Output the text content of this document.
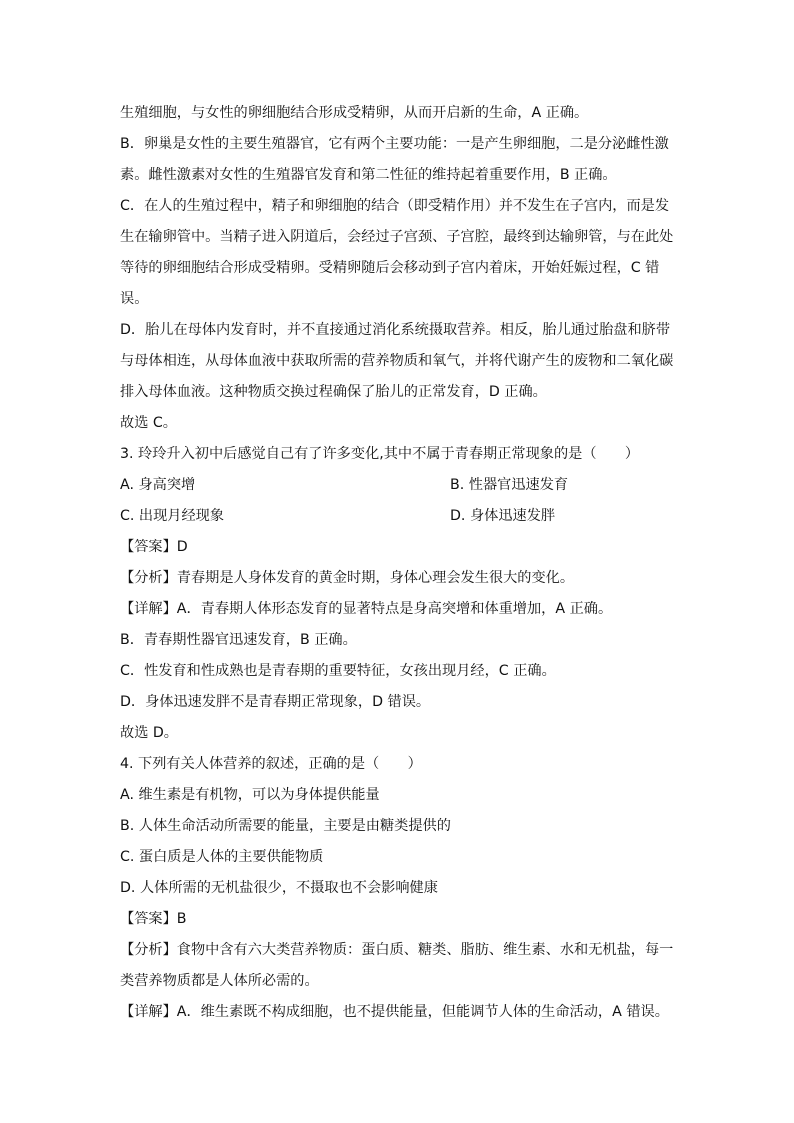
生殖细胞，与女性的卵细胞结合形成受精卵，从而开启新的生命，A 正确。

B．卵巢是女性的主要生殖器官，它有两个主要功能：一是产生卵细胞，二是分泌雌性激素。雌性激素对女性的生殖器官发育和第二性征的维持起着重要作用，B 正确。

C．在人的生殖过程中，精子和卵细胞的结合（即受精作用）并不发生在子宫内，而是发生在输卵管中。当精子进入阴道后，会经过子宫颈、子宫腔，最终到达输卵管，与在此处等待的卵细胞结合形成受精卵。受精卵随后会移动到子宫内着床，开始妊娠过程，C 错误。

D．胎儿在母体内发育时，并不直接通过消化系统摄取营养。相反，胎儿通过胎盘和脐带与母体相连，从母体血液中获取所需的营养物质和氧气，并将代谢产生的废物和二氧化碳排入母体血液。这种物质交换过程确保了胎儿的正常发育，D 正确。

故选 C。

3. 玲玲升入初中后感觉自己有了许多变化,其中不属于青春期正常现象的是（　　）

A. 身高突增	B. 性器官迅速发育
C. 出现月经现象	D. 身体迅速发胖

【答案】D

【分析】青春期是人身体发育的黄金时期，身体心理会发生很大的变化。

【详解】A．青春期人体形态发育的显著特点是身高突增和体重增加，A 正确。

B．青春期性器官迅速发育，B 正确。

C．性发育和性成熟也是青春期的重要特征，女孩出现月经，C 正确。

D．身体迅速发胖不是青春期正常现象，D 错误。

故选 D。

4. 下列有关人体营养的叙述，正确的是（　　）

A. 维生素是有机物，可以为身体提供能量

B. 人体生命活动所需要的能量，主要是由糖类提供的

C. 蛋白质是人体的主要供能物质

D. 人体所需的无机盐很少，不摄取也不会影响健康

【答案】B

【分析】食物中含有六大类营养物质：蛋白质、糖类、脂肪、维生素、水和无机盐，每一类营养物质都是人体所必需的。

【详解】A．维生素既不构成细胞，也不提供能量，但能调节人体的生命活动，A 错误。
